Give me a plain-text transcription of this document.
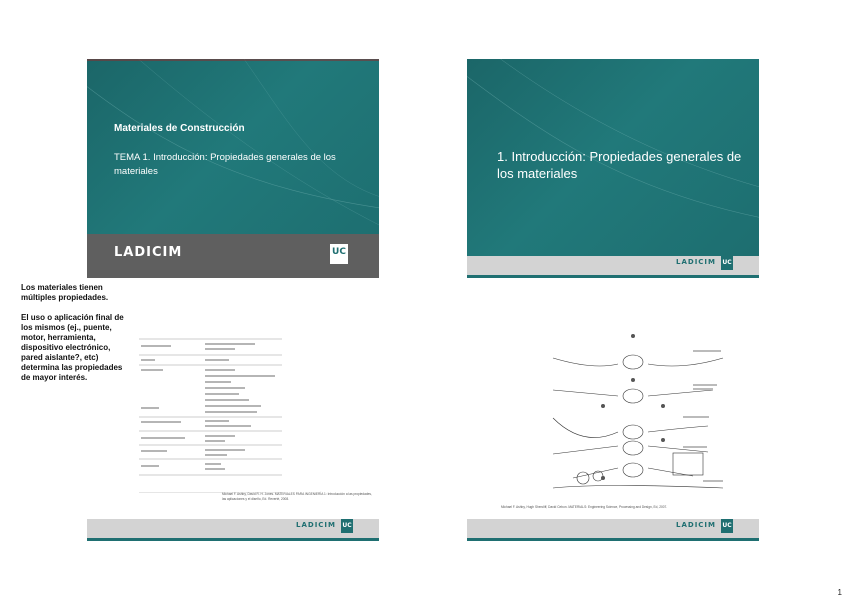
Materiales de Construcción
TEMA 1. Introducción: Propiedades generales de los materiales
LADICIM	UC
1. Introducción: Propiedades generales de los materiales
LADICIM UC
LADICIM UC

Los materiales tienen múltiples propiedades.

El uso o aplicación final de los mismos (ej., puente, motor, herramienta, dispositivo electrónico, pared aislante?, etc) determina las propiedades de mayor interés.

Michael F. Ashby, David R. H. Jones. MATERIALES PARA INGENIERÍA 1: Introducción a las propiedades, las aplicaciones y el diseño, Ed. Reverté, 2008.
Michael F. Ashby, Hugh Shercliff, David Cebon. MATERIALS: Engineering Science, Processing and Design, Ed, 2007.
LADICIM UC
1
